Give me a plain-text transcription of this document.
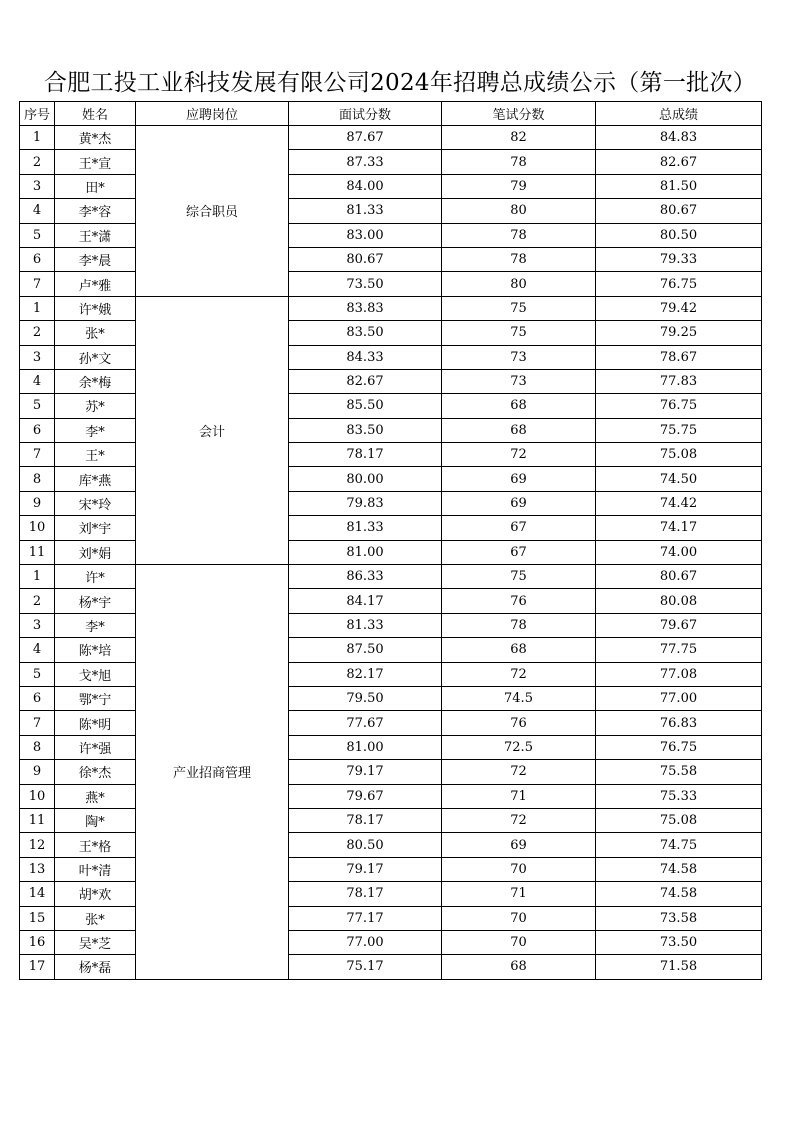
合肥工投工业科技发展有限公司2024年招聘总成绩公示（第一批次）
序号	姓名	应聘岗位	面试分数	笔试分数	总成绩
1	黄*杰	综合职员	87.67	82	84.83
2	王*宣		87.33	78	82.67
3	田*		84.00	79	81.50
4	李*容		81.33	80	80.67
5	王*潇		83.00	78	80.50
6	李*晨		80.67	78	79.33
7	卢*雅		73.50	80	76.75
1	许*娥	会计	83.83	75	79.42
2	张*		83.50	75	79.25
3	孙*文		84.33	73	78.67
4	余*梅		82.67	73	77.83
5	苏*		85.50	68	76.75
6	李*		83.50	68	75.75
7	王*		78.17	72	75.08
8	库*燕		80.00	69	74.50
9	宋*玲		79.83	69	74.42
10	刘*宇		81.33	67	74.17
11	刘*娟		81.00	67	74.00
1	许*	产业招商管理	86.33	75	80.67
2	杨*宇		84.17	76	80.08
3	李*		81.33	78	79.67
4	陈*培		87.50	68	77.75
5	戈*旭		82.17	72	77.08
6	鄂*宁		79.50	74.5	77.00
7	陈*明		77.67	76	76.83
8	许*强		81.00	72.5	76.75
9	徐*杰		79.17	72	75.58
10	燕*		79.67	71	75.33
11	陶*		78.17	72	75.08
12	王*格		80.50	69	74.75
13	叶*清		79.17	70	74.58
14	胡*欢		78.17	71	74.58
15	张*		77.17	70	73.58
16	吴*芝		77.00	70	73.50
17	杨*磊		75.17	68	71.58
